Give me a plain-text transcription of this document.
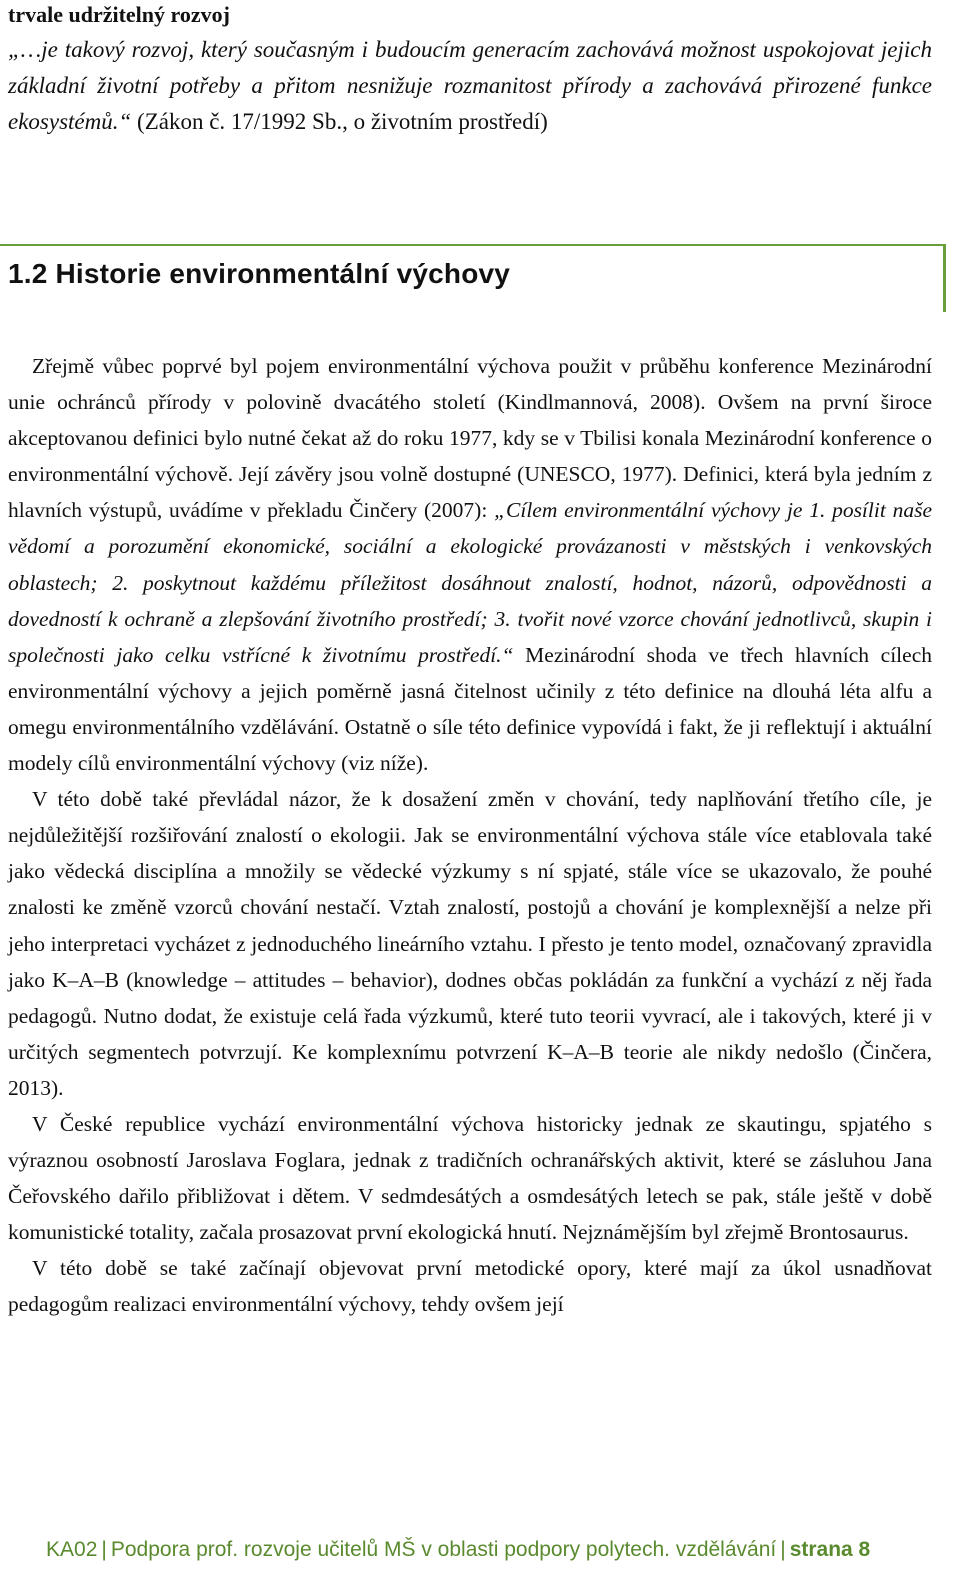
trvale udržitelný rozvoj
„…je takový rozvoj, který současným i budoucím generacím zachovává možnost uspokojovat jejich základní životní potřeby a přitom nesnižuje rozmanitost přírody a zachovává přirozené funkce ekosystémů.“ (Zákon č. 17/1992 Sb., o životním prostředí)
1.2 Historie environmentální výchovy

Zřejmě vůbec poprvé byl pojem environmentální výchova použit v průběhu konference Mezinárodní unie ochránců přírody v polovině dvacátého století (Kindlmannová, 2008). Ovšem na první široce akceptovanou definici bylo nutné čekat až do roku 1977, kdy se v Tbilisi konala Mezinárodní konference o environmentální výchově. Její závěry jsou volně dostupné (UNESCO, 1977). Definici, která byla jedním z hlavních výstupů, uvádíme v překladu Činčery (2007): „Cílem environmentální výchovy je 1. posílit naše vědomí a porozumění ekonomické, sociální a ekologické provázanosti v městských i venkovských oblastech; 2. poskytnout každému příležitost dosáhnout znalostí, hodnot, názorů, odpovědnosti a dovedností k ochraně a zlepšování životního prostředí; 3. tvořit nové vzorce chování jednotlivců, skupin i společnosti jako celku vstřícné k životnímu prostředí.“ Mezinárodní shoda ve třech hlavních cílech environmentální výchovy a jejich poměrně jasná čitelnost učinily z této definice na dlouhá léta alfu a omegu environmentálního vzdělávání. Ostatně o síle této definice vypovídá i fakt, že ji reflektují i aktuální modely cílů environmentální výchovy (viz níže).

V této době také převládal názor, že k dosažení změn v chování, tedy naplňování třetího cíle, je nejdůležitější rozšiřování znalostí o ekologii. Jak se environmentální výchova stále více etablovala také jako vědecká disciplína a množily se vědecké výzkumy s ní spjaté, stále více se ukazovalo, že pouhé znalosti ke změně vzorců chování nestačí. Vztah znalostí, postojů a chování je komplexnější a nelze při jeho interpretaci vycházet z jednoduchého lineárního vztahu. I přesto je tento model, označovaný zpravidla jako K–A–B (knowledge – attitudes – behavior), dodnes občas pokládán za funkční a vychází z něj řada pedagogů. Nutno dodat, že existuje celá řada výzkumů, které tuto teorii vyvrací, ale i takových, které ji v určitých segmentech potvrzují. Ke komplexnímu potvrzení K–A–B teorie ale nikdy nedošlo (Činčera, 2013).

V České republice vychází environmentální výchova historicky jednak ze skautingu, spjatého s výraznou osobností Jaroslava Foglara, jednak z tradičních ochranářských aktivit, které se zásluhou Jana Čeřovského dařilo přibližovat i dětem. V sedmdesátých a osmdesátých letech se pak, stále ještě v době komunistické totality, začala prosazovat první ekologická hnutí. Nejznámějším byl zřejmě Brontosaurus.

V této době se také začínají objevovat první metodické opory, které mají za úkol usnadňovat pedagogům realizaci environmentální výchovy, tehdy ovšem její

KA02 | Podpora prof. rozvoje učitelů MŠ v oblasti podpory polytech. vzdělávání | strana 8
